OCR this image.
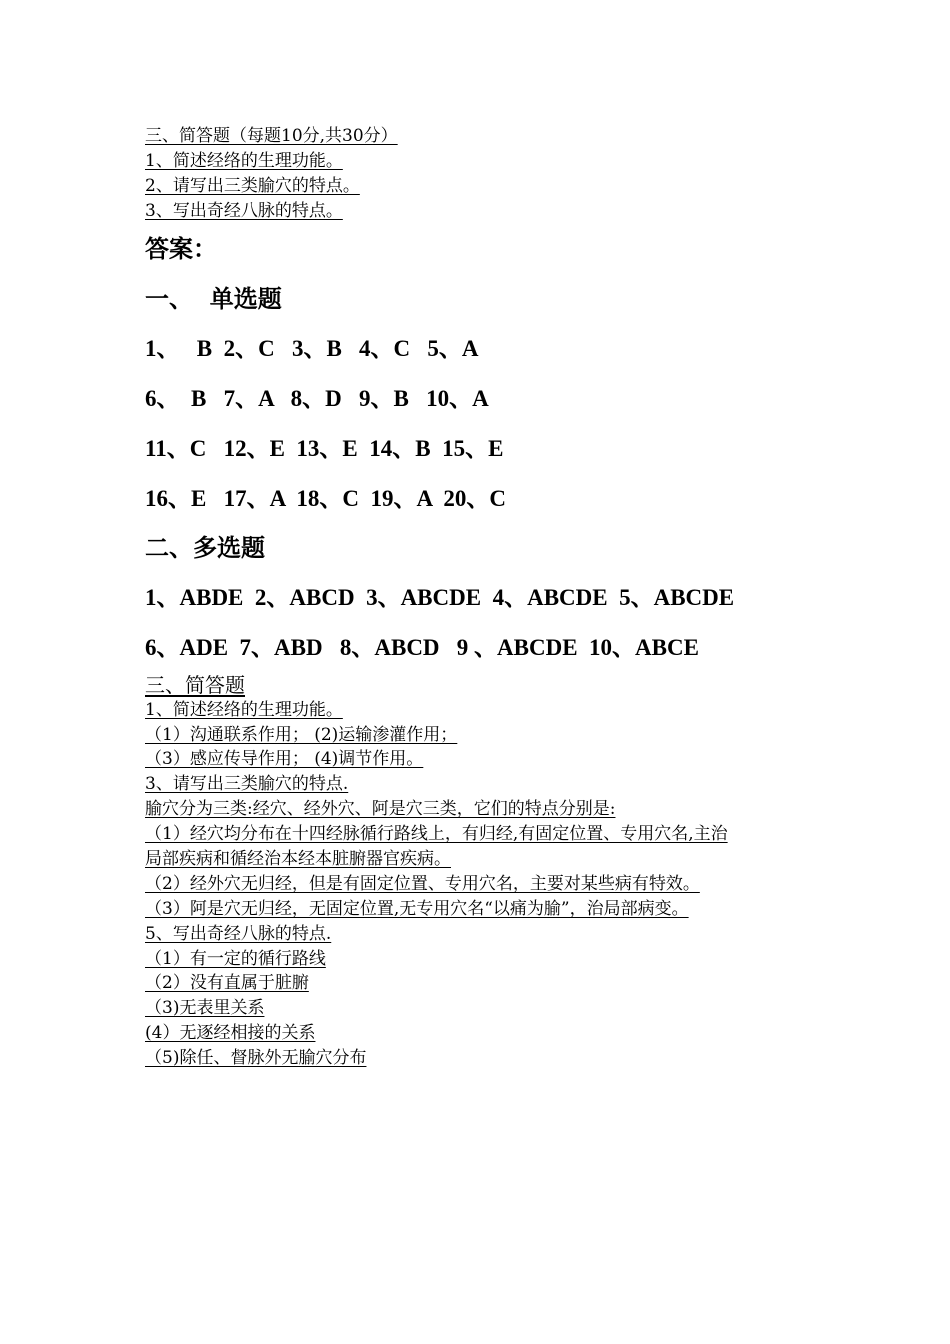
三、简答题（每题10分,共30分）
1、简述经络的生理功能。
2、请写出三类腧穴的特点。
3、写出奇经八脉的特点。
答案：
一、  单选题
1、   B  2、C   3、B   4、C   5、A
6、  B   7、A   8、D   9、B   10、A
11、C   12、E  13、E  14、B  15、E
16、E   17、A  18、C  19、A  20、C
二、多选题
1、ABDE  2、ABCD  3、ABCDE  4、ABCDE  5、ABCDE
6、ADE  7、ABD   8、ABCD   9 、ABCDE  10、ABCE
三、简答题
1、简述经络的生理功能。
（1）沟通联系作用； (2)运输渗灌作用；
（3）感应传导作用； (4)调节作用。
3、请写出三类腧穴的特点.
腧穴分为三类:经穴、经外穴、阿是穴三类，它们的特点分别是:
（1）经穴均分布在十四经脉循行路线上，有归经,有固定位置、专用穴名,主治
局部疾病和循经治本经本脏腑器官疾病。
（2）经外穴无归经，但是有固定位置、专用穴名，主要对某些病有特效。
（3）阿是穴无归经，无固定位置,无专用穴名“以痛为腧”，治局部病变。
5、写出奇经八脉的特点.
（1）有一定的循行路线
（2）没有直属于脏腑
（3)无表里关系
(4）无逐经相接的关系
（5)除任、督脉外无腧穴分布
